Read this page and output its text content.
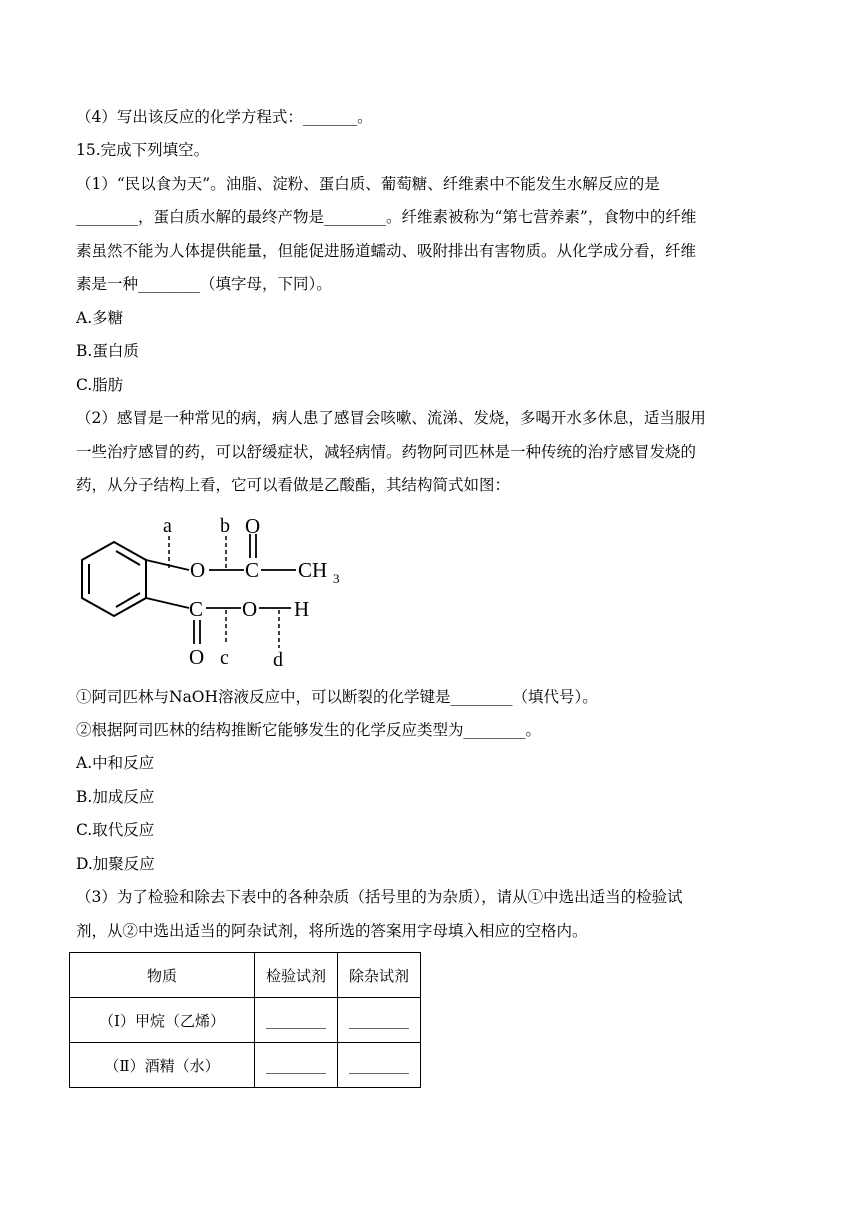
（4）写出该反应的化学方程式：_______。
15.完成下列填空。
（1）“民以食为天”。油脂、淀粉、蛋白质、葡萄糖、纤维素中不能发生水解反应的是
________，蛋白质水解的最终产物是________。纤维素被称为“第七营养素”，食物中的纤维
素虽然不能为人体提供能量，但能促进肠道蠕动、吸附排出有害物质。从化学成分看，纤维
素是一种________（填字母，下同）。
A.多糖
B.蛋白质
C.脂肪
（2）感冒是一种常见的病，病人患了感冒会咳嗽、流涕、发烧，多喝开水多休息，适当服用
一些治疗感冒的药，可以舒缓症状，减轻病情。药物阿司匹林是一种传统的治疗感冒发烧的
药，从分子结构上看，它可以看做是乙酸酯，其结构简式如图：
O C
O
CH 3
C O H
O
a b
c d
①阿司匹林与NaOH溶液反应中，可以断裂的化学键是________（填代号）。
②根据阿司匹林的结构推断它能够发生的化学反应类型为________。
A.中和反应
B.加成反应
C.取代反应
D.加聚反应
（3）为了检验和除去下表中的各种杂质（括号里的为杂质），请从①中选出适当的检验试
剂，从②中选出适当的阿杂试剂，将所选的答案用字母填入相应的空格内。
物质	检验试剂	除杂试剂
（Ⅰ）甲烷（乙烯）	________	________
（Ⅱ）酒精（水）	________	________
